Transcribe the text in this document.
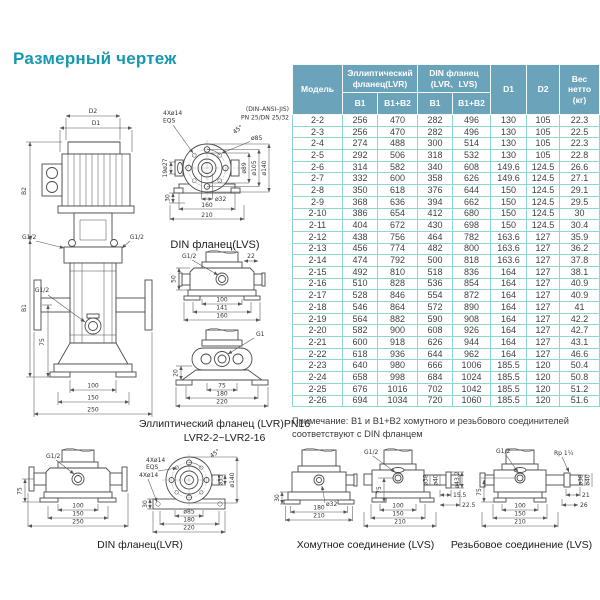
Размерный чертеж
D2
D1
B2
B1
75
G1/2	G1/2
G1/2
100
150
250
(DIN–ANSI–JIS)
PN 25/DN 25/32
4Xø14
EQS
45°
ø85
19ø27
30	ø32
160
210
ø89 ø105 ø140
DIN фланец(LVS)
G1/2	22
50
100
141
160
G1
20
75
180
220
Эллиптический фланец (LVR)PN16
LVR2-2~LVR2-16
Модель	Эллиптический фланец(LVR)		DIN фланец (LVR、LVS)		D1	D2	Вес нетто (кг)
	B1	B1+B2	B1	B1+B2			
2-2	256	470	282	496	130	105	22.3
2-3	256	470	282	496	130	105	22.5
2-4	274	488	300	514	130	105	22.3
2-5	292	506	318	532	130	105	22.8
2-6	314	582	340	608	149.6	124.5	26.6
2-7	332	600	358	626	149.6	124.5	27.1
2-8	350	618	376	644	150	124.5	29.1
2-9	368	636	394	662	150	124.5	29.5
2-10	386	654	412	680	150	124.5	30
2-11	404	672	430	698	150	124.5	30.4
2-12	438	756	464	782	163.6	127	35.9
2-13	456	774	482	800	163.6	127	36.2
2-14	474	792	500	818	163.6	127	37.8
2-15	492	810	518	836	164	127	38.1
2-16	510	828	536	854	164	127	40.9
2-17	528	846	554	872	164	127	40.9
2-18	546	864	572	890	164	127	41
2-19	564	882	590	908	164	127	42.2
2-20	582	900	608	926	164	127	42.7
2-21	600	918	626	944	164	127	43.1
2-22	618	936	644	962	164	127	46.6
2-23	640	980	666	1006	185.5	120	50.4
2-24	658	998	684	1024	185.5	120	50.8
2-25	676	1016	702	1042	185.5	120	51.2
2-26	694	1034	720	1060	185.5	120	51.6
Примечание: B1 и B1+B2 хомутного и резьбового соединителей
соответствуют с DIN фланцем
G1/2
75
100
150
250
45°
4Xø14
EQS
4Xø14	ø140
ø35
30
ø85
180
220
DIN фланец(LVR)
ø32
30
180
210
G1/2
ø38 ø40 ø43.2
15.5
22.5
75
100
150
210
Хомутное соединение (LVS)
G1/2	Rp 1¼
ø38 ø40
21
26
75
100
150
210
Резьбовое соединение (LVS)
